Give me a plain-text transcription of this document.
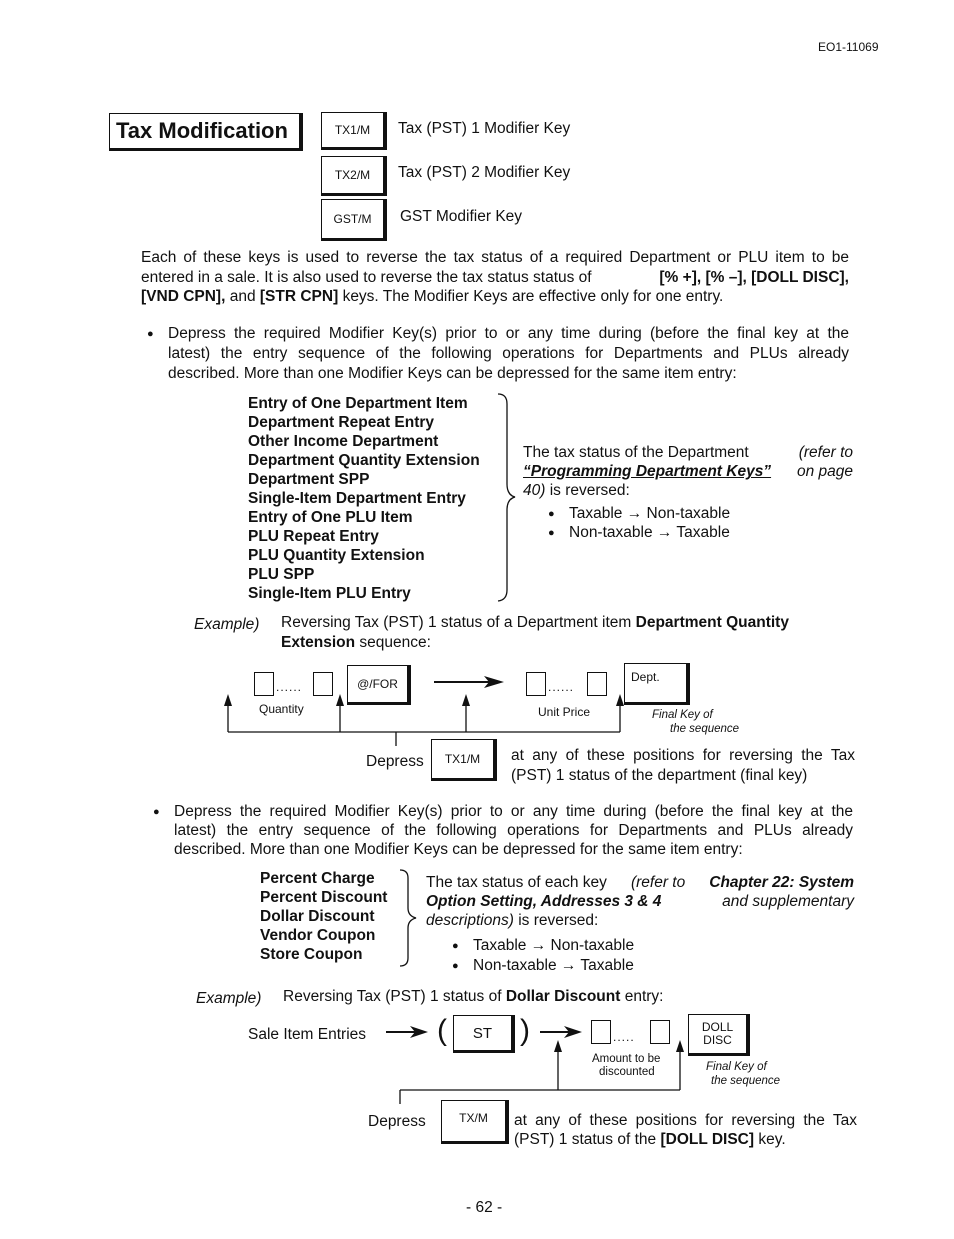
EO1-11069
Tax Modification	TX1/M	Tax (PST) 1 Modifier Key
TX2/M	Tax (PST) 2 Modifier Key
GST/M	GST Modifier Key
Each of these keys is used to reverse the tax status of a required Department or PLU item to be
entered in a sale. It is also used to reverse the tax status status of	[% +], [% –], [DOLL DISC],
[VND CPN], and [STR CPN] keys. The Modifier Keys are effective only for one entry.
● Depress the required Modifier Key(s) prior to or any time during (before the final key at the
latest) the entry sequence of the following operations for Departments and PLUs already
described. More than one Modifier Keys can be depressed for the same item entry:
Entry of One Department Item
Department Repeat Entry
Other Income Department
Department Quantity Extension
Department SPP
Single-Item Department Entry
Entry of One PLU Item
PLU Repeat Entry
PLU Quantity Extension
PLU SPP
Single-Item PLU Entry
The tax status of the Department	(refer to
“Programming Department Keys” on page
40) is reversed:
● Taxable → Non-taxable
● Non-taxable → Taxable
Example) Reversing Tax (PST) 1 status of a Department item Department Quantity
Extension sequence:
......	@/FOR	......
Dept.
Quantity	Unit Price	Final Key of
the sequence
Depress	TX1/M	at any of these positions for reversing the Tax
(PST) 1 status of the department (final key)
● Depress the required Modifier Key(s) prior to or any time during (before the final key at the
latest) the entry sequence of the following operations for Departments and PLUs already
described. More than one Modifier Keys can be depressed for the same item entry:
Percent Charge
Percent Discount
Dollar Discount
Vendor Coupon
Store Coupon
The tax status of each key (refer to Chapter 22: System
Option Setting, Addresses 3 & 4	and supplementary
descriptions) is reversed:
● Taxable → Non-taxable
● Non-taxable → Taxable
Example) Reversing Tax (PST) 1 status of Dollar Discount entry:
Sale Item Entries (	ST )	.....
DOLL
DISC
Amount to be
discounted	Final Key of
the sequence
Depress	TX/M	at any of these positions for reversing the Tax
(PST) 1 status of the [DOLL DISC] key.
- 62 -
